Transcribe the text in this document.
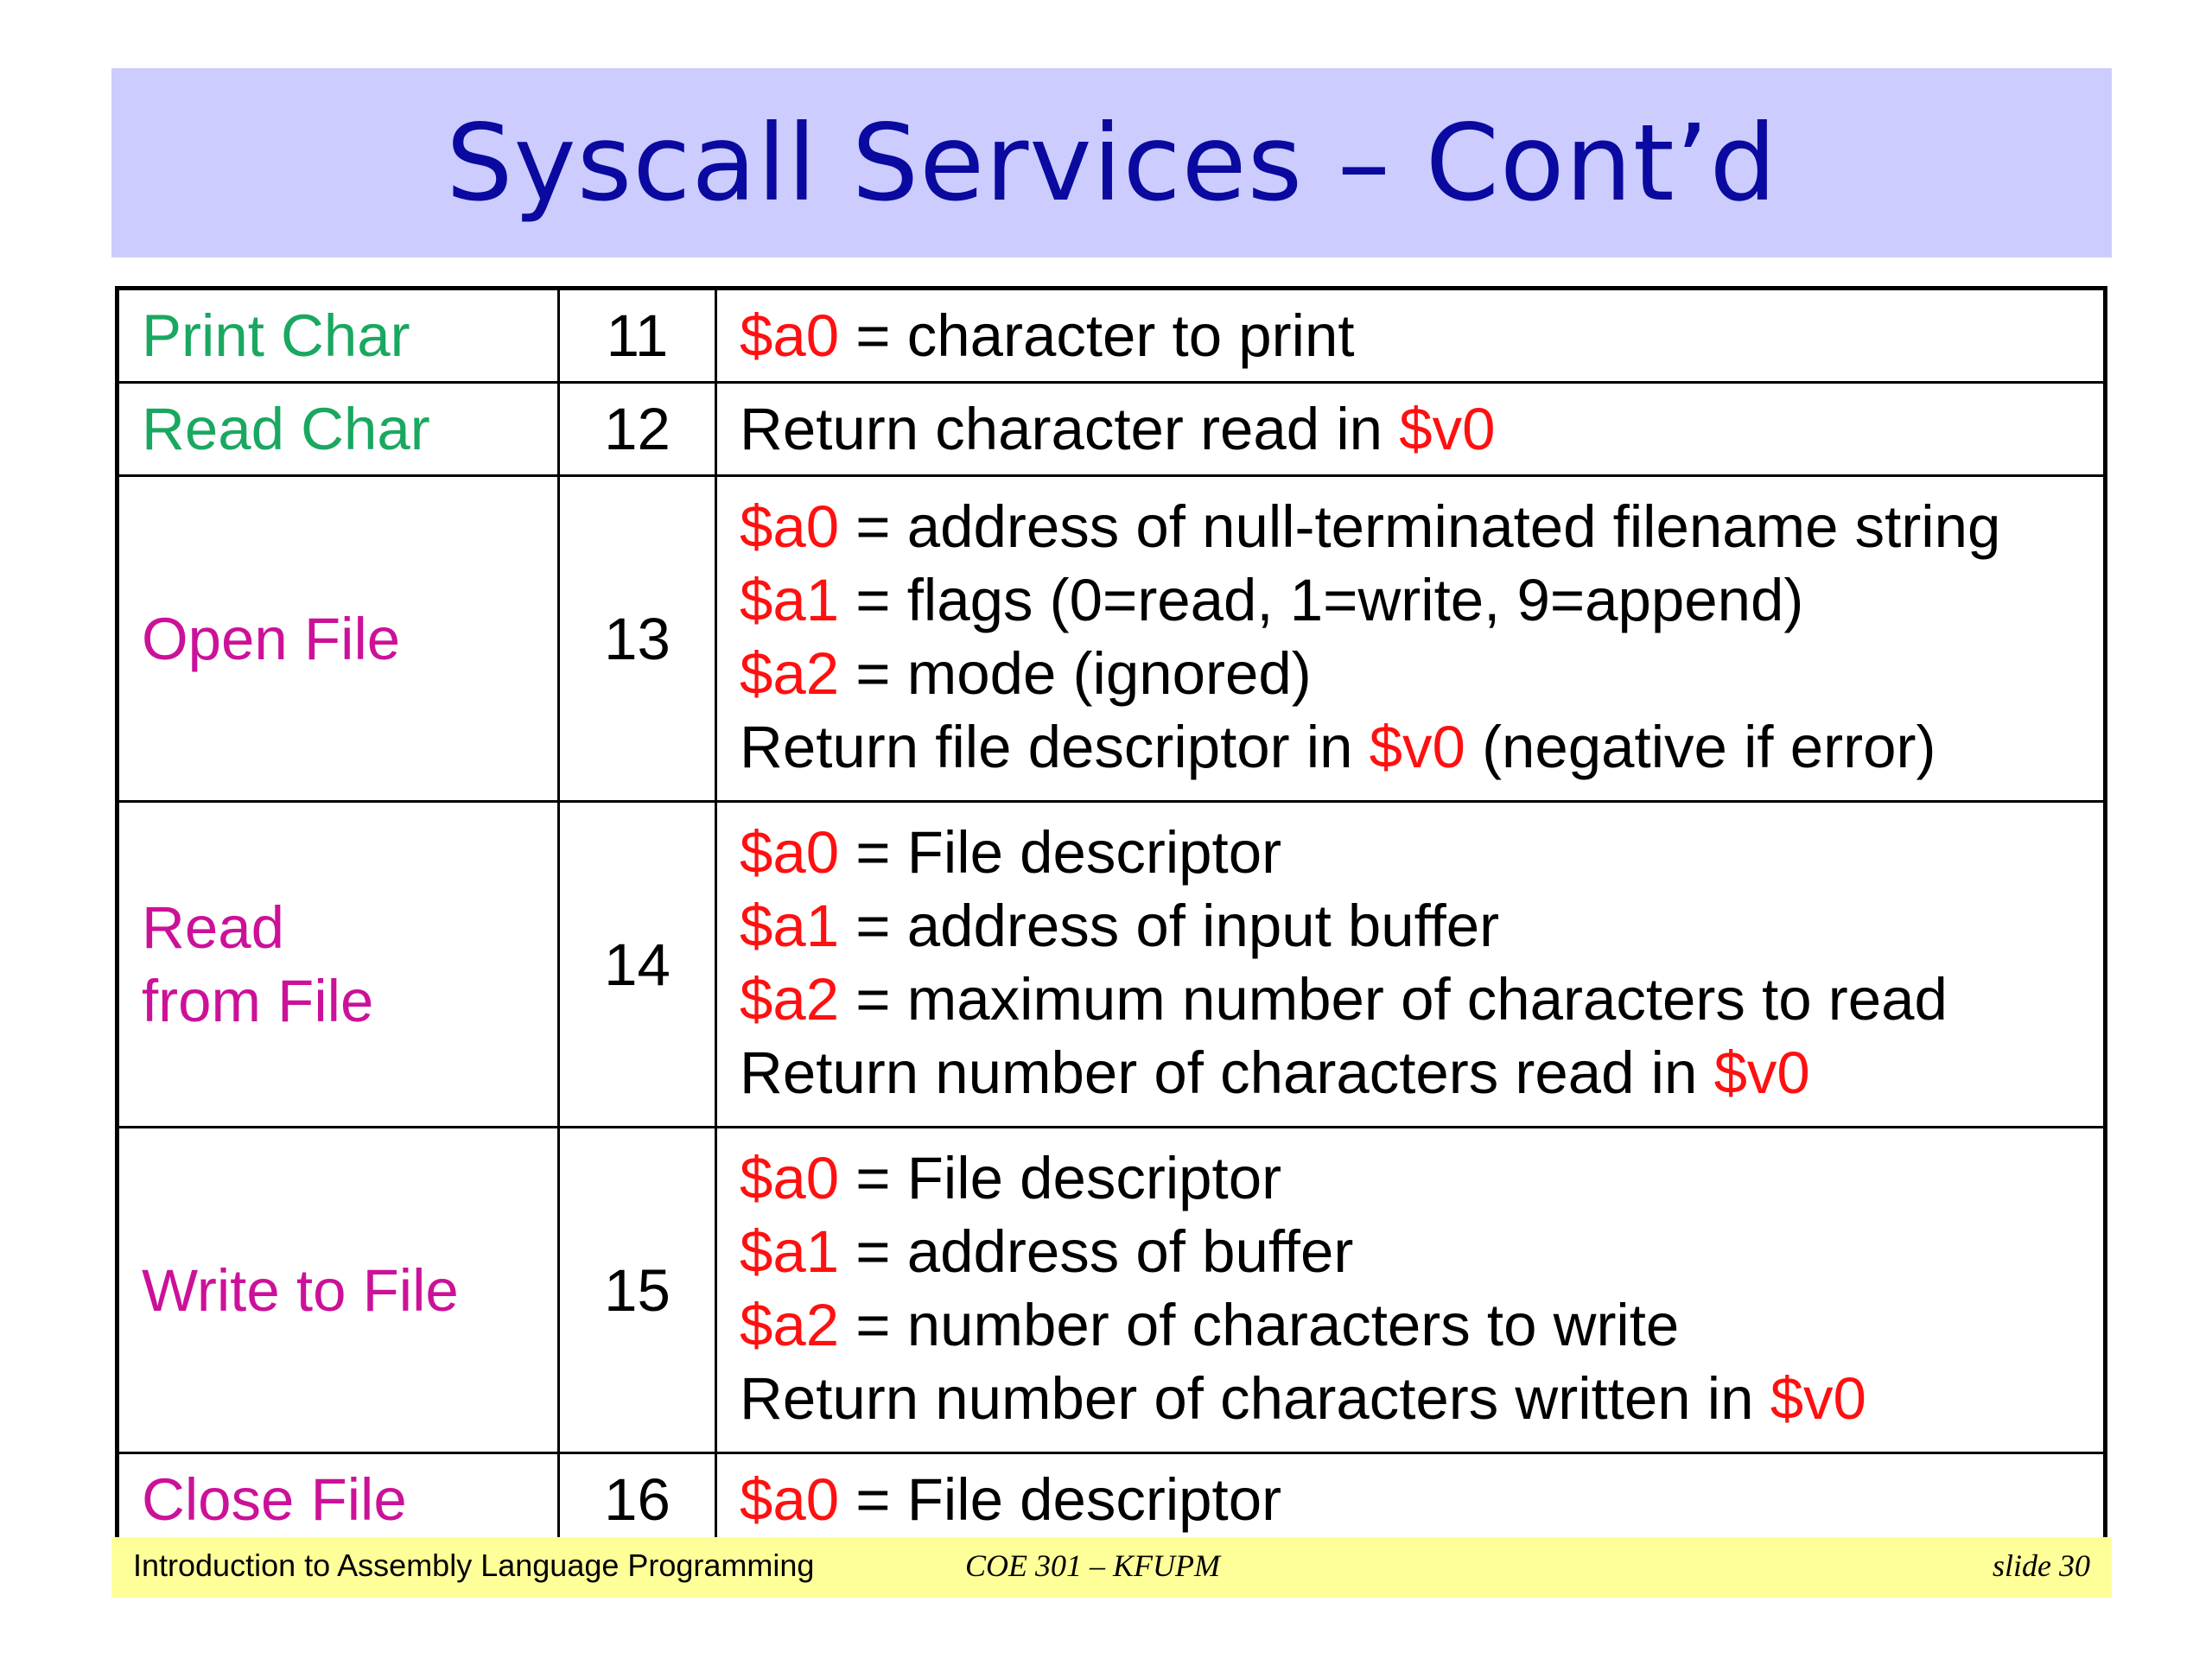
Syscall Services – Cont’d
Print Char	11	$a0 = character to print

Read Char	12	Return character read in $v0

Open File	13	$a0 = address of null-terminated filename string
$a1 = flags (0=read, 1=write, 9=append)
$a2 = mode (ignored)
Return file descriptor in $v0 (negative if error)

Read
from File	14	$a0 = File descriptor
$a1 = address of input buffer
$a2 = maximum number of characters to read
Return number of characters read in $v0

Write to File	15	$a0 = File descriptor
$a1 = address of buffer
$a2 = number of characters to write
Return number of characters written in $v0

Close File	16	$a0 = File descriptor
Introduction to Assembly Language Programming	COE 301 – KFUPM	slide 30
